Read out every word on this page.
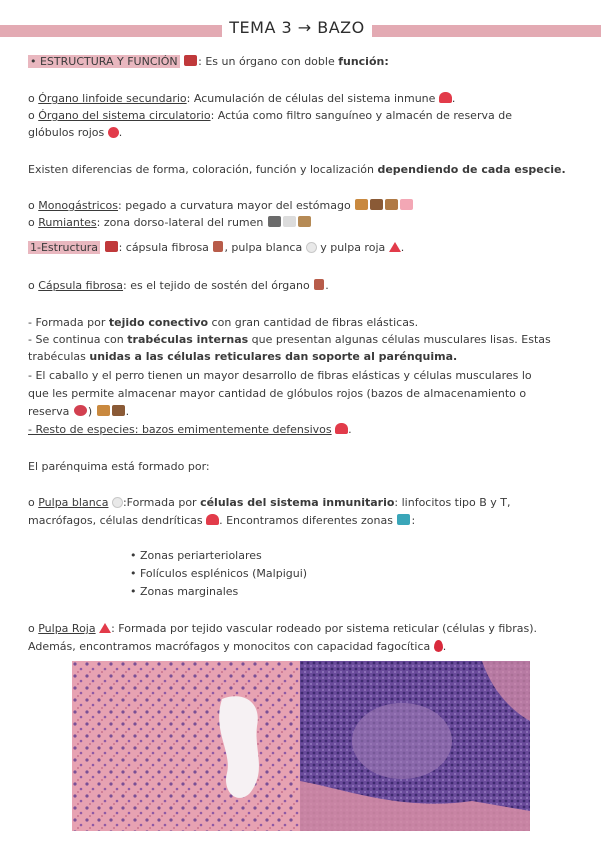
TEMA 3 → BAZO
• ESTRUCTURA Y FUNCIÓN : Es un órgano con doble función:
o Órgano linfoide secundario: Acumulación de células del sistema inmune .
o Órgano del sistema circulatorio: Actúa como filtro sanguíneo y almacén de reserva de
glóbulos rojos .
Existen diferencias de forma, coloración, función y localización dependiendo de cada especie.
o Monogástricos: pegado a curvatura mayor del estómago
o Rumiantes: zona dorso-lateral del rumen
1-Estructura : cápsula fibrosa , pulpa blanca  y pulpa roja .
o Cápsula fibrosa: es el tejido de sostén del órgano .
- Formada por tejido conectivo con gran cantidad de fibras elásticas.
- Se continua con trabéculas internas que presentan algunas células musculares lisas. Estas
trabéculas unidas a las células reticulares dan soporte al parénquima.
- El caballo y el perro tienen un mayor desarrollo de fibras elásticas y células musculares lo
que les permite almacenar mayor cantidad de glóbulos rojos (bazos de almacenamiento o
reserva )	.
- Resto de especies: bazos emimentemente defensivos .
El parénquima está formado por:
o Pulpa blanca :Formada por células del sistema inmunitario: linfocitos tipo B y T,
macrófagos, células dendríticas . Encontramos diferentes zonas :
• Zonas periarteriolares
• Folículos esplénicos (Malpigui)
• Zonas marginales
o Pulpa Roja : Formada por tejido vascular rodeado por sistema reticular (células y fibras).
Además, encontramos macrófagos y monocitos con capacidad fagocítica .
